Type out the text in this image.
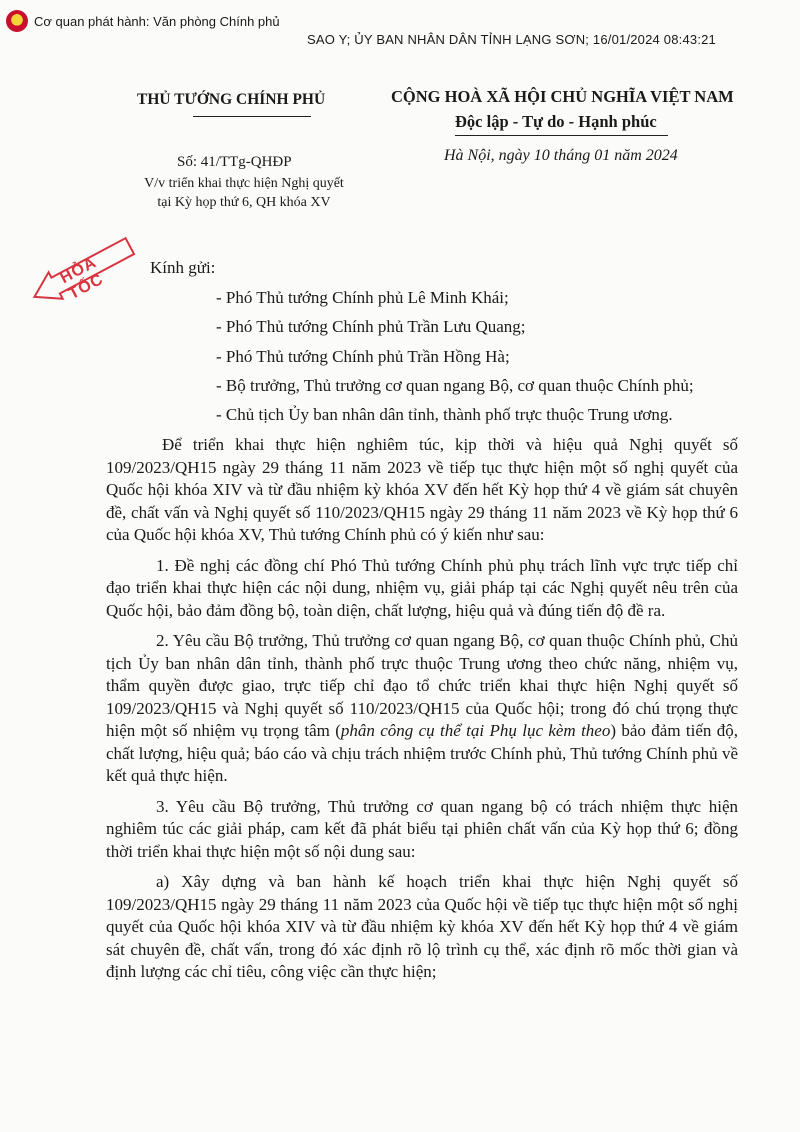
★
Cơ quan phát hành: Văn phòng Chính phủ
SAO Y; ỦY BAN NHÂN DÂN TỈNH LẠNG SƠN; 16/01/2024 08:43:21
THỦ TƯỚNG CHÍNH PHỦ	CỘNG HOÀ XÃ HỘI CHỦ NGHĨA VIỆT NAM
Độc lập - Tự do - Hạnh phúc
Số: 41/TTg-QHĐP
V/v triển khai thực hiện Nghị quyết
tại Kỳ họp thứ 6, QH khóa XV
Hà Nội, ngày 10 tháng 01 năm 2024
HỎA TỐC
Kính gửi:
- Phó Thủ tướng Chính phủ Lê Minh Khái;
- Phó Thủ tướng Chính phủ Trần Lưu Quang;
- Phó Thủ tướng Chính phủ Trần Hồng Hà;
- Bộ trưởng, Thủ trưởng cơ quan ngang Bộ, cơ quan thuộc Chính phủ;
- Chủ tịch Ủy ban nhân dân tỉnh, thành phố trực thuộc Trung ương.

Để triển khai thực hiện nghiêm túc, kịp thời và hiệu quả Nghị quyết số 109/2023/QH15 ngày 29 tháng 11 năm 2023 về tiếp tục thực hiện một số nghị quyết của Quốc hội khóa XIV và từ đầu nhiệm kỳ khóa XV đến hết Kỳ họp thứ 4 về giám sát chuyên đề, chất vấn và Nghị quyết số 110/2023/QH15 ngày 29 tháng 11 năm 2023 về Kỳ họp thứ 6 của Quốc hội khóa XV, Thủ tướng Chính phủ có ý kiến như sau:

1. Đề nghị các đồng chí Phó Thủ tướng Chính phủ phụ trách lĩnh vực trực tiếp chỉ đạo triển khai thực hiện các nội dung, nhiệm vụ, giải pháp tại các Nghị quyết nêu trên của Quốc hội, bảo đảm đồng bộ, toàn diện, chất lượng, hiệu quả và đúng tiến độ đề ra.

2. Yêu cầu Bộ trưởng, Thủ trưởng cơ quan ngang Bộ, cơ quan thuộc Chính phủ, Chủ tịch Ủy ban nhân dân tỉnh, thành phố trực thuộc Trung ương theo chức năng, nhiệm vụ, thẩm quyền được giao, trực tiếp chỉ đạo tổ chức triển khai thực hiện Nghị quyết số 109/2023/QH15 và Nghị quyết số 110/2023/QH15 của Quốc hội; trong đó chú trọng thực hiện một số nhiệm vụ trọng tâm (phân công cụ thể tại Phụ lục kèm theo) bảo đảm tiến độ, chất lượng, hiệu quả; báo cáo và chịu trách nhiệm trước Chính phủ, Thủ tướng Chính phủ về kết quả thực hiện.

3. Yêu cầu Bộ trưởng, Thủ trưởng cơ quan ngang bộ có trách nhiệm thực hiện nghiêm túc các giải pháp, cam kết đã phát biểu tại phiên chất vấn của Kỳ họp thứ 6; đồng thời triển khai thực hiện một số nội dung sau:

a) Xây dựng và ban hành kế hoạch triển khai thực hiện Nghị quyết số 109/2023/QH15 ngày 29 tháng 11 năm 2023 của Quốc hội về tiếp tục thực hiện một số nghị quyết của Quốc hội khóa XIV và từ đầu nhiệm kỳ khóa XV đến hết Kỳ họp thứ 4 về giám sát chuyên đề, chất vấn, trong đó xác định rõ lộ trình cụ thể, xác định rõ mốc thời gian và định lượng các chỉ tiêu, công việc cần thực hiện;
